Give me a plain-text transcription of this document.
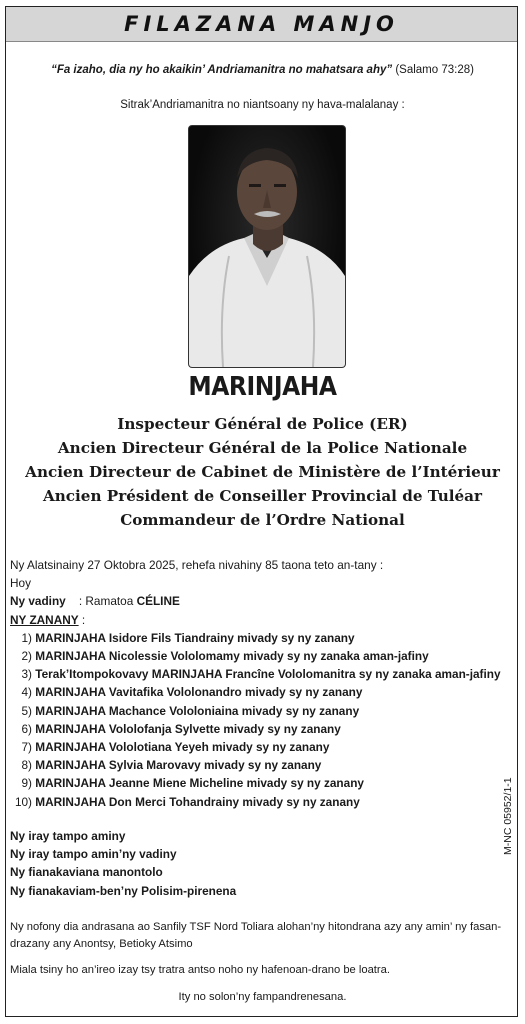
FILAZANA MANJO
“Fa izaho, dia ny ho akaikin’ Andriamanitra no mahatsara ahy” (Salamo 73:28)
Sitrak’Andriamanitra no niantsoany ny hava-malalanay :
MARINJAHA
Inspecteur Général de Police (ER)
Ancien Directeur Général de la Police Nationale
Ancien Directeur de Cabinet de Ministère de l’Intérieur
Ancien Président de Conseiller Provincial de Tuléar
Commandeur de l’Ordre National
Ny Alatsinainy 27 Oktobra 2025, rehefa nivahiny 85 taona teto an-tany :
Hoy
Ny vadiny : Ramatoa CÉLINE
NY ZANANY :
1) MARINJAHA Isidore Fils Tiandrainy mivady sy ny zanany
2) MARINJAHA Nicolessie Vololomamy mivady sy ny zanaka aman-jafiny
3) Terak’Itompokovavy MARINJAHA Francîne Vololomanitra sy ny zanaka aman-jafiny
4) MARINJAHA Vavitafika Vololonandro mivady sy ny zanany
5) MARINJAHA Machance Vololoniaina mivady sy ny zanany
6) MARINJAHA Vololofanja Sylvette mivady sy ny zanany
7) MARINJAHA Vololotiana Yeyeh mivady sy ny zanany
8) MARINJAHA Sylvia Marovavy mivady sy ny zanany
9) MARINJAHA Jeanne Miene Micheline mivady sy ny zanany
10) MARINJAHA Don Merci Tohandrainy mivady sy ny zanany
Ny iray tampo aminy
Ny iray tampo amin’ny vadiny
Ny fianakaviana manontolo
Ny fianakaviam-ben’ny Polisim-pirenena
M-NC 05952/1-1
Ny nofony dia andrasana ao Sanfily TSF Nord Toliara alohan’ny hitondrana azy any amin’ ny fasan-drazany any Anontsy, Betioky Atsimo
Miala tsiny ho an’ireo izay tsy tratra antso noho ny hafenoan-drano be loatra.
Ity no solon’ny fampandrenesana.
